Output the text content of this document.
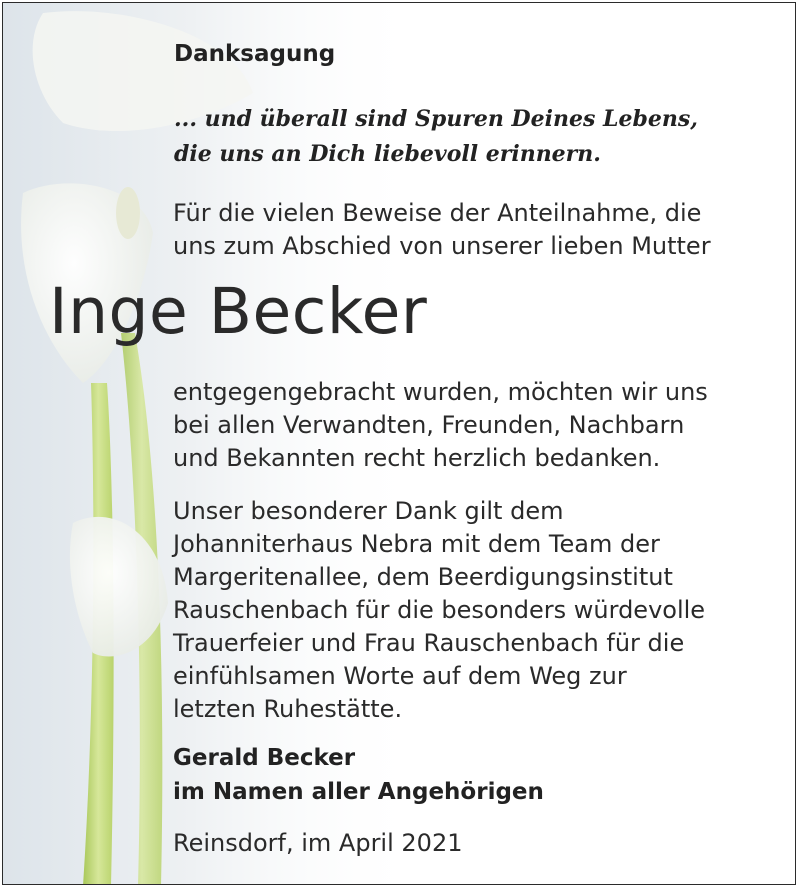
Danksagung

... und überall sind Spuren Deines Lebens,

die uns an Dich liebevoll erinnern.

Für die vielen Beweise der Anteilnahme, die

uns zum Abschied von unserer lieben Mutter

Inge Becker

entgegengebracht wurden, möchten wir uns

bei allen Verwandten, Freunden, Nachbarn

und Bekannten recht herzlich bedanken.

Unser besonderer Dank gilt dem

Johanniterhaus Nebra mit dem Team der

Margeritenallee, dem Beerdigungsinstitut

Rauschenbach für die besonders würdevolle

Trauerfeier und Frau Rauschenbach für die

einfühlsamen Worte auf dem Weg zur

letzten Ruhestätte.

Gerald Becker

im Namen aller Angehörigen

Reinsdorf, im April 2021
